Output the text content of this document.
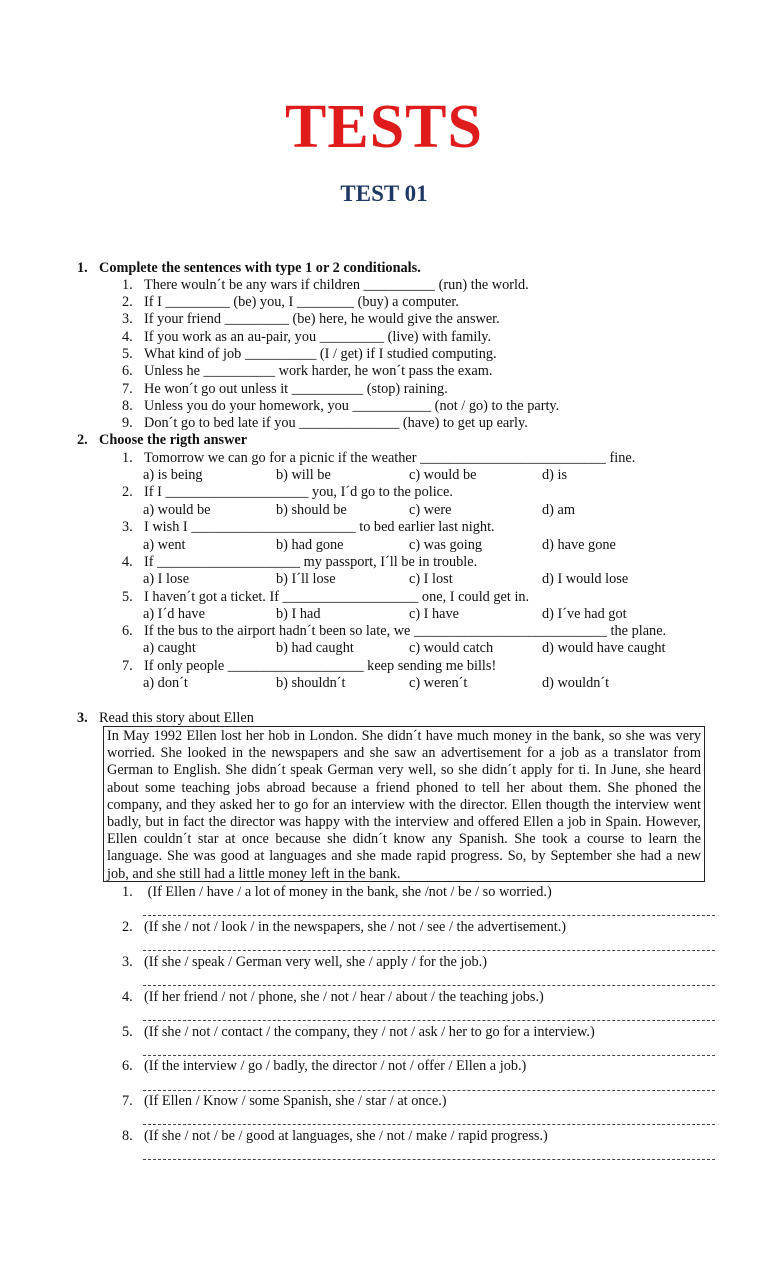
TESTS
TEST 01
1. Complete the sentences with type 1 or 2 conditionals.
1. There wouln´t be any wars if children __________ (run) the world.
2. If I _________ (be) you, I ________ (buy) a computer.
3. If your friend _________ (be) here, he would give the answer.
4. If you work as an au-pair, you _________ (live) with family.
5. What kind of job __________ (I / get) if I studied computing.
6. Unless he __________ work harder, he won´t pass the exam.
7. He won´t go out unless it __________ (stop) raining.
8. Unless you do your homework, you ___________ (not / go) to the party.
9. Don´t go to bed late if you ______________ (have) to get up early.
2. Choose the rigth answer
1. Tomorrow we can go for a picnic if the weather __________________________ fine.
a) is being	b) will be	c) would be	d) is
2. If I ____________________ you, I´d go to the police.
a) would be	b) should be	c) were	d) am
3. I wish I _______________________ to bed earlier last night.
a) went	b) had gone	c) was going	d) have gone
4. If ____________________ my passport, I´ll be in trouble.
a) I lose	b) I´ll lose	c) I lost	d) I would lose
5. I haven´t got a ticket. If ___________________ one, I could get in.
a) I´d have	b) I had	c) I have	d) I´ve had got
6. If the bus to the airport hadn´t been so late, we ___________________________ the plane.
a) caught	b) had caught	c) would catch	d) would have caught
7. If only people ___________________ keep sending me bills!
a) don´t	b) shouldn´t	c) weren´t	d) wouldn´t
3. Read this story about Ellen
In May 1992 Ellen lost her hob in London. She didn´t have much money in the bank, so she was very worried. She looked in the newspapers and she saw an advertisement for a job as a translator from German to English. She didn´t speak German very well, so she didn´t apply for ti. In June, she heard about some teaching jobs abroad because a friend phoned to tell her about them. She phoned the company, and they asked her to go for an interview with the director. Ellen thougth the interview went badly, but in fact the director was happy with the interview and offered Ellen a job in Spain. However, Ellen couldn´t star at once because she didn´t know any Spanish. She took a course to learn the language. She was good at languages and she made rapid progress. So, by September she had a new job, and she still had a little money left in the bank.
1. (If Ellen / have / a lot of money in the bank, she /not / be / so worried.)
2. (If she / not / look / in the newspapers, she / not / see / the advertisement.)
3. (If she / speak / German very well, she / apply / for the job.)
4. (If her friend / not / phone, she / not / hear / about / the teaching jobs.)
5. (If she / not / contact / the company, they / not / ask / her to go for a interview.)
6. (If the interview / go / badly, the director / not / offer / Ellen a job.)
7. (If Ellen / Know / some Spanish, she / star / at once.)
8. (If she / not / be / good at languages, she / not / make / rapid progress.)
